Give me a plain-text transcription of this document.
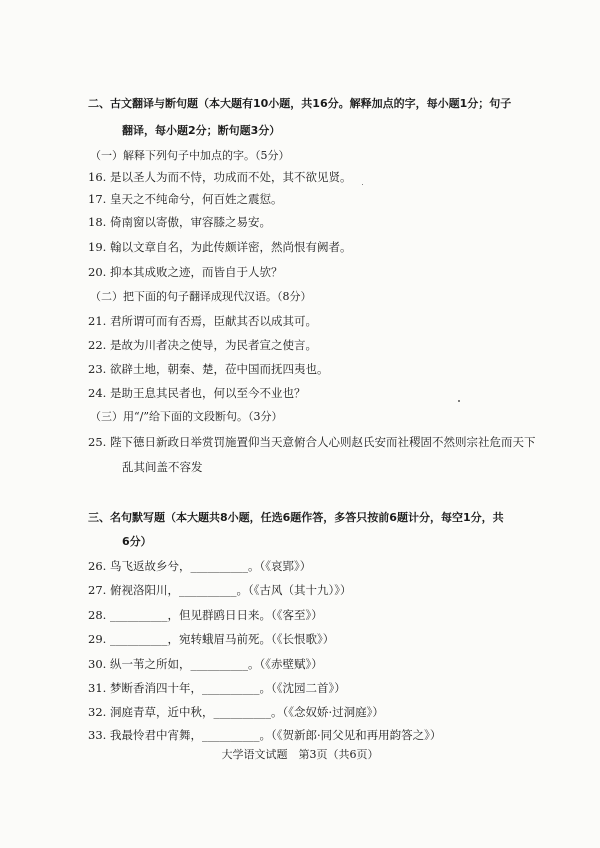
二、古文翻译与断句题（本大题有10小题，共16分。解释加点的字，每小题1分；句子
翻译，每小题2分；断句题3分）
（一）解释下列句子中加点的字。（5分）
16. 是以圣人为而不恃，功成而不处，其不欲见贤。
17. 皇天之不纯命兮，何百姓之震愆。
18. 倚南窗以寄傲，审容膝之易安。
19. 翰以文章自名，为此传颇详密，然尚恨有阙者。
20. 抑本其成败之迹，而皆自于人欤？
（二）把下面的句子翻译成现代汉语。（8分）
21. 君所谓可而有否焉，臣献其否以成其可。
22. 是故为川者决之使导，为民者宣之使言。
23. 欲辟土地，朝秦、楚，莅中国而抚四夷也。
24. 是助王息其民者也，何以至今不业也？
（三）用“/”给下面的文段断句。（3分）
25. 陛下德日新政日举赏罚施置仰当天意俯合人心则赵氏安而社稷固不然则宗社危而天下
乱其间盖不容发
三、名句默写题（本大题共8小题，任选6题作答，多答只按前6题计分，每空1分，共
6分）
26. 鸟飞返故乡兮，__________。（《哀郢》）
27. 俯视洛阳川，__________。（《古风（其十九）》）
28. __________，但见群鸥日日来。（《客至》）
29. __________，宛转蛾眉马前死。（《长恨歌》）
30. 纵一苇之所如，__________。（《赤壁赋》）
31. 梦断香消四十年，__________。（《沈园二首》）
32. 洞庭青草，近中秋，__________。（《念奴娇·过洞庭》）
33. 我最怜君中宵舞，__________。（《贺新郎·同父见和再用韵答之》）
大学语文试题　第3页（共6页）
